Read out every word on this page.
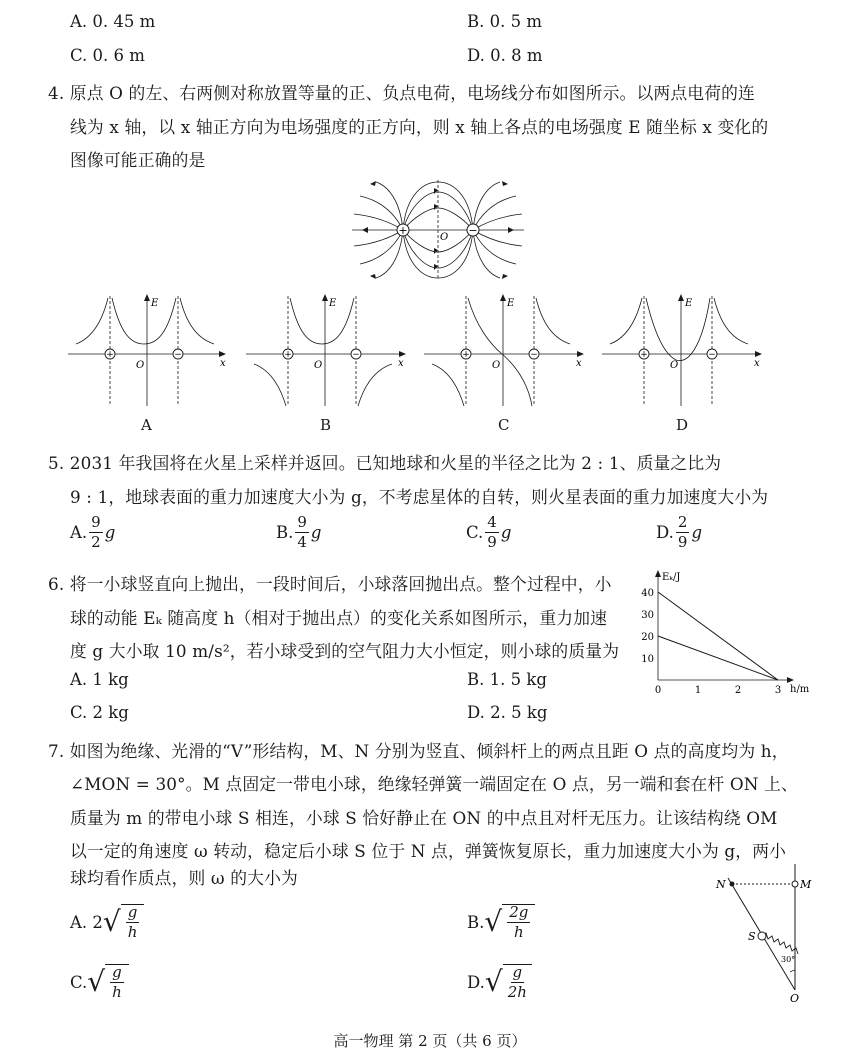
A. 0. 45 m	B. 0. 5 m
C. 0. 6 m	D. 0. 8 m
4. 原点 O 的左、右两侧对称放置等量的正、负点电荷，电场线分布如图所示。以两点电荷的连
线为 x 轴，以 x 轴正方向为电场强度的正方向，则 x 轴上各点的电场强度 E 随坐标 x 变化的
图像可能正确的是
+	−
O
+	−	+	−	+	−	+	−
E	E	E	E
x	x	x	x
O	O	O	O
A	B	C	D
5. 2031 年我国将在火星上采样并返回。已知地球和火星的半径之比为 2 : 1、质量之比为
9 : 1，地球表面的重力加速度大小为 g，不考虑星体的自转，则火星表面的重力加速度大小为
A. $\frac{9}{2}$ g	B. $\frac{9}{4}$ g	C. $\frac{4}{9}$ g	D. $\frac{2}{9}$ g
6. 将一小球竖直向上抛出，一段时间后，小球落回抛出点。整个过程中，小
球的动能 Eₖ 随高度 h（相对于抛出点）的变化关系如图所示，重力加速
度 g 大小取 10 m/s²，若小球受到的空气阻力大小恒定，则小球的质量为
A. 1 kg	B. 1. 5 kg
C. 2 kg	D. 2. 5 kg
40
30
20
10
0	1	2	3
Eₖ/J
h/m
7. 如图为绝缘、光滑的“V”形结构，M、N 分别为竖直、倾斜杆上的两点且距 O 点的高度均为 h，
∠MON = 30°。M 点固定一带电小球，绝缘轻弹簧一端固定在 O 点，另一端和套在杆 ON 上、
质量为 m 的带电小球 S 相连，小球 S 恰好静止在 ON 的中点且对杆无压力。让该结构绕 OM
以一定的角速度 ω 转动，稳定后小球 S 位于 N 点，弹簧恢复原长，重力加速度大小为 g，两小
球均看作质点，则 ω 的大小为
A. 2 √ $\frac{g}{h}$	B. √ $\frac{2g}{h}$
C. √ $\frac{g}{h}$	D. √ $\frac{g}{2h}$
N	M
S
O
30°
高一物理 第 2 页（共 6 页）
